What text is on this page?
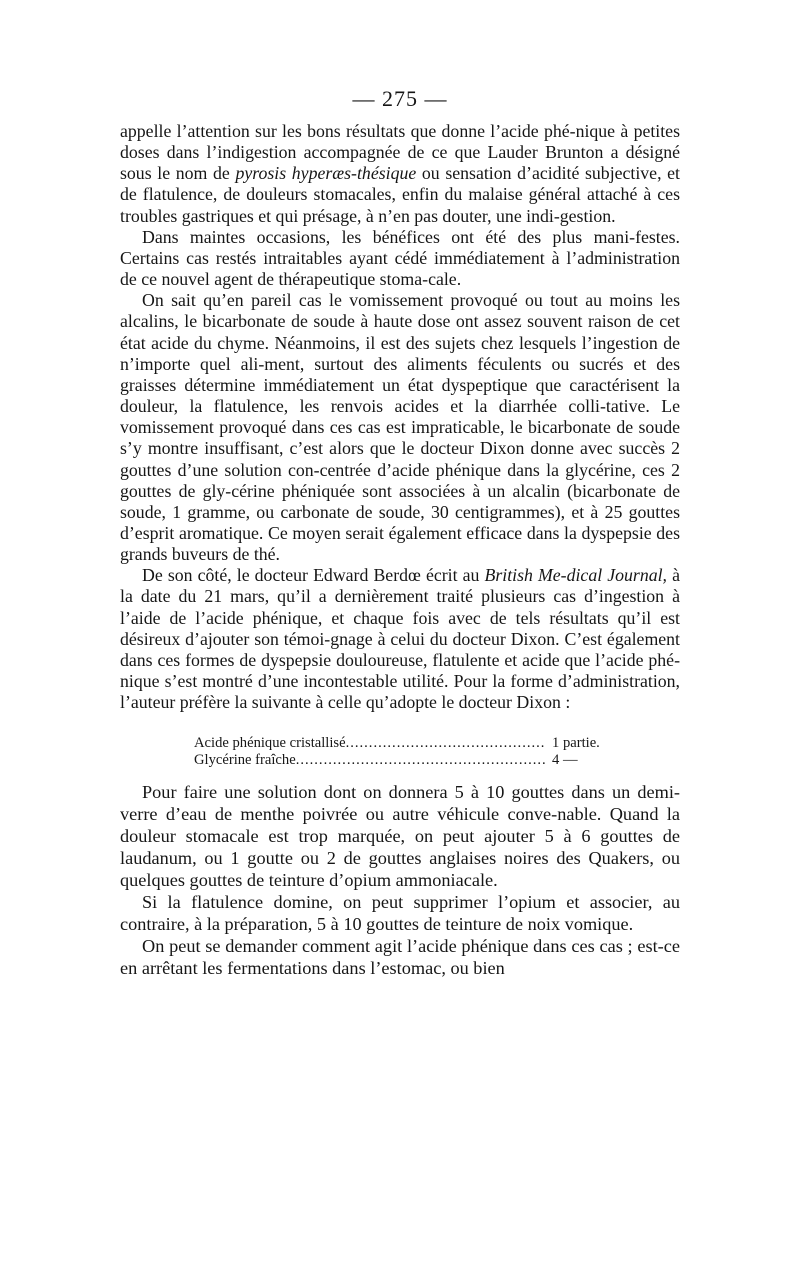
— 275 —

appelle l’attention sur les bons résultats que donne l’acide phé-nique à petites doses dans l’indigestion accompagnée de ce que Lauder Brunton a désigné sous le nom de pyrosis hyperæs-thésique ou sensation d’acidité subjective, et de flatulence, de douleurs stomacales, enfin du malaise général attaché à ces troubles gastriques et qui présage, à n’en pas douter, une indi-gestion.

Dans maintes occasions, les bénéfices ont été des plus mani-festes. Certains cas restés intraitables ayant cédé immédiatement à l’administration de ce nouvel agent de thérapeutique stoma-cale.

On sait qu’en pareil cas le vomissement provoqué ou tout au moins les alcalins, le bicarbonate de soude à haute dose ont assez souvent raison de cet état acide du chyme. Néanmoins, il est des sujets chez lesquels l’ingestion de n’importe quel ali-ment, surtout des aliments féculents ou sucrés et des graisses détermine immédiatement un état dyspeptique que caractérisent la douleur, la flatulence, les renvois acides et la diarrhée colli-tative. Le vomissement provoqué dans ces cas est impraticable, le bicarbonate de soude s’y montre insuffisant, c’est alors que le docteur Dixon donne avec succès 2 gouttes d’une solution con-centrée d’acide phénique dans la glycérine, ces 2 gouttes de gly-cérine phéniquée sont associées à un alcalin (bicarbonate de soude, 1 gramme, ou carbonate de soude, 30 centigrammes), et à 25 gouttes d’esprit aromatique. Ce moyen serait également efficace dans la dyspepsie des grands buveurs de thé.

De son côté, le docteur Edward Berdœ écrit au British Me-dical Journal, à la date du 21 mars, qu’il a dernièrement traité plusieurs cas d’ingestion à l’aide de l’acide phénique, et chaque fois avec de tels résultats qu’il est désireux d’ajouter son témoi-gnage à celui du docteur Dixon. C’est également dans ces formes de dyspepsie douloureuse, flatulente et acide que l’acide phé-nique s’est montré d’une incontestable utilité. Pour la forme d’administration, l’auteur préfère la suivante à celle qu’adopte le docteur Dixon :

Acide phénique cristallisé .....	1 partie.
Glycérine fraîche .....	4 —

Pour faire une solution dont on donnera 5 à 10 gouttes dans un demi-verre d’eau de menthe poivrée ou autre véhicule conve-nable. Quand la douleur stomacale est trop marquée, on peut ajouter 5 à 6 gouttes de laudanum, ou 1 goutte ou 2 de gouttes anglaises noires des Quakers, ou quelques gouttes de teinture d’opium ammoniacale.

Si la flatulence domine, on peut supprimer l’opium et associer, au contraire, à la préparation, 5 à 10 gouttes de teinture de noix vomique.

On peut se demander comment agit l’acide phénique dans ces cas ; est-ce en arrêtant les fermentations dans l’estomac, ou bien
